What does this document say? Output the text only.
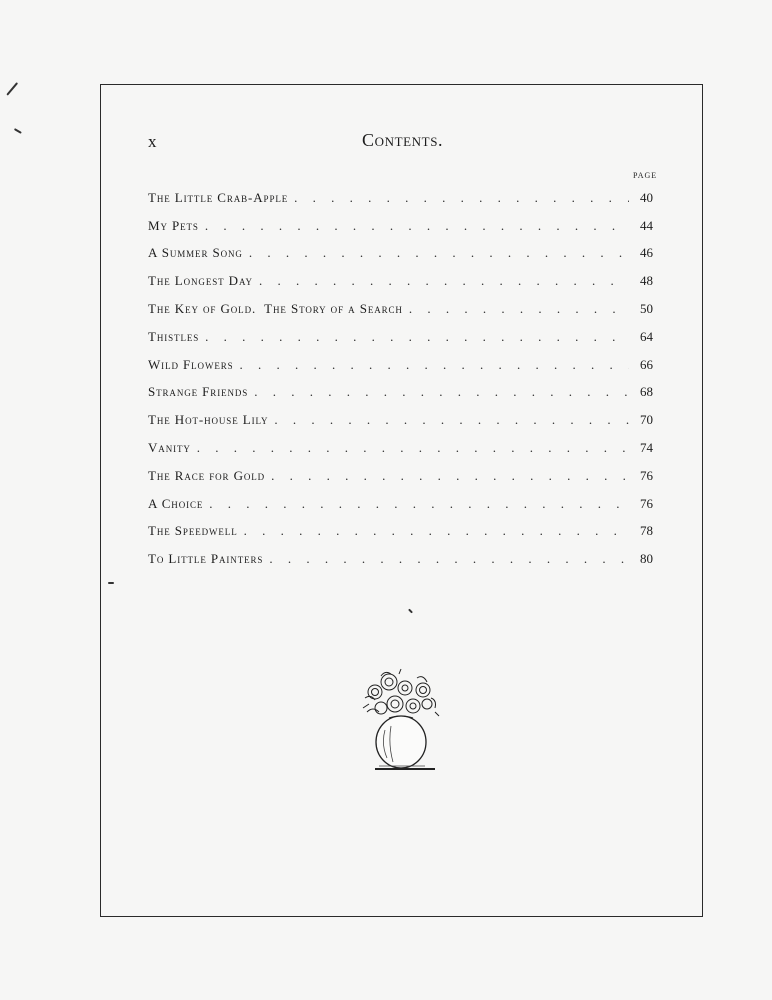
x	Contents.
PAGE
The Little Crab-Apple . . .	40
My Pets . . .	44
A Summer Song . . .	46
The Longest Day . . .	48
The Key of Gold.  The Story of a Search . . .	50
Thistles . . .	64
Wild Flowers . . .	66
Strange Friends . . .	68
The Hot-house Lily . . .	70
Vanity . . .	74
The Race for Gold . . .	76
A Choice . . .	76
The Speedwell . . .	78
To Little Painters . . .	80
